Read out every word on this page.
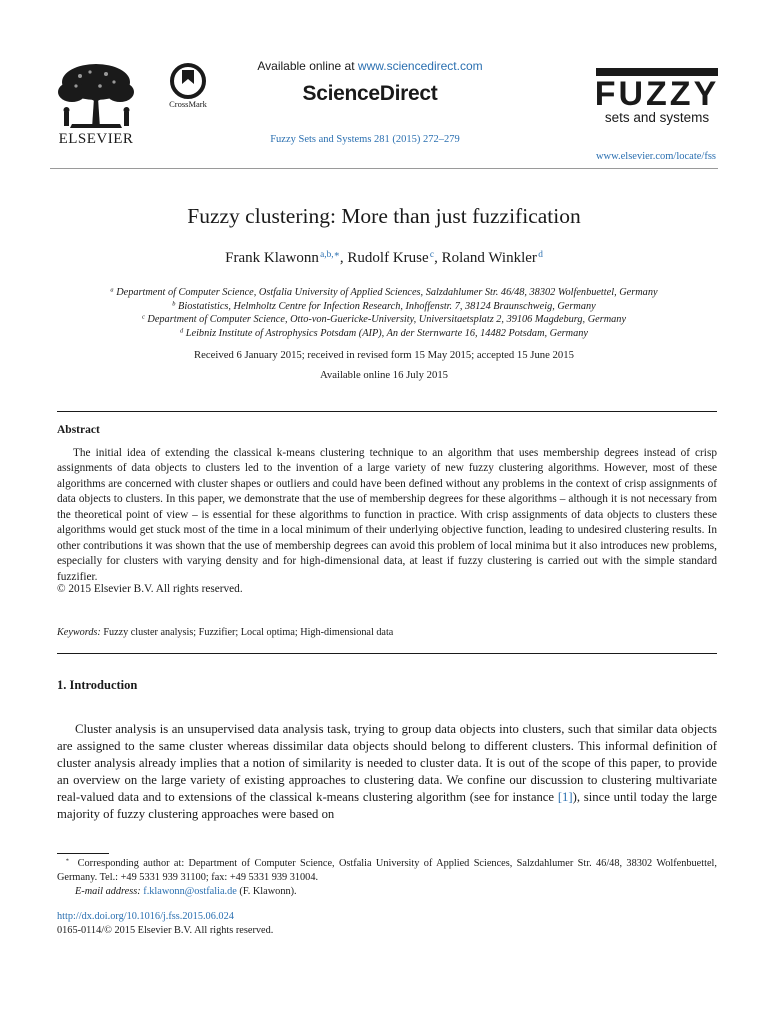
ELSEVIER
CrossMark
Available online at www.sciencedirect.com
ScienceDirect
Fuzzy Sets and Systems 281 (2015) 272–279
FUZZY
sets and systems
www.elsevier.com/locate/fss
Fuzzy clustering: More than just fuzzification
Frank Klawonn $^{a,b,∗}$, Rudolf Kruse $^c$, Roland Winkler $^d$
$^a$ Department of Computer Science, Ostfalia University of Applied Sciences, Salzdahlumer Str. 46/48, 38302 Wolfenbuettel, Germany
$^b$ Biostatistics, Helmholtz Centre for Infection Research, Inhoffenstr. 7, 38124 Braunschweig, Germany
$^c$ Department of Computer Science, Otto-von-Guericke-University, Universitaetsplatz 2, 39106 Magdeburg, Germany
$^d$ Leibniz Institute of Astrophysics Potsdam (AIP), An der Sternwarte 16, 14482 Potsdam, Germany
Received 6 January 2015; received in revised form 15 May 2015; accepted 15 June 2015
Available online 16 July 2015
Abstract

The initial idea of extending the classical k-means clustering technique to an algorithm that uses membership degrees instead of crisp assignments of data objects to clusters led to the invention of a large variety of new fuzzy clustering algorithms. However, most of these algorithms are concerned with cluster shapes or outliers and could have been defined without any problems in the context of crisp assignments of data objects to clusters. In this paper, we demonstrate that the use of membership degrees for these algorithms – although it is not necessary from the theoretical point of view – is essential for these algorithms to function in practice. With crisp assignments of data objects to clusters these algorithms would get stuck most of the time in a local minimum of their underlying objective function, leading to undesired clustering results. In other contributions it was shown that the use of membership degrees can avoid this problem of local minima but it also introduces new problems, especially for clusters with varying density and for high-dimensional data, at least if fuzzy clustering is carried out with the simple standard fuzzifier.

© 2015 Elsevier B.V. All rights reserved.
Keywords: Fuzzy cluster analysis; Fuzzifier; Local optima; High-dimensional data
1. Introduction

Cluster analysis is an unsupervised data analysis task, trying to group data objects into clusters, such that similar data objects are assigned to the same cluster whereas dissimilar data objects should belong to different clusters. This informal definition of cluster analysis already implies that a notion of similarity is needed to cluster data. It is out of the scope of this paper, to provide an overview on the large variety of existing approaches to clustering data. We confine our discussion to clustering multivariate real-valued data and to extensions of the classical k-means clustering algorithm (see for instance [1]), since until today the large majority of fuzzy clustering approaches were based on

* Corresponding author at: Department of Computer Science, Ostfalia University of Applied Sciences, Salzdahlumer Str. 46/48, 38302 Wolfenbuettel, Germany. Tel.: +49 5331 939 31100; fax: +49 5331 939 31004.

E-mail address: f.klawonn@ostfalia.de (F. Klawonn).

http://dx.doi.org/10.1016/j.fss.2015.06.024
0165-0114/© 2015 Elsevier B.V. All rights reserved.
